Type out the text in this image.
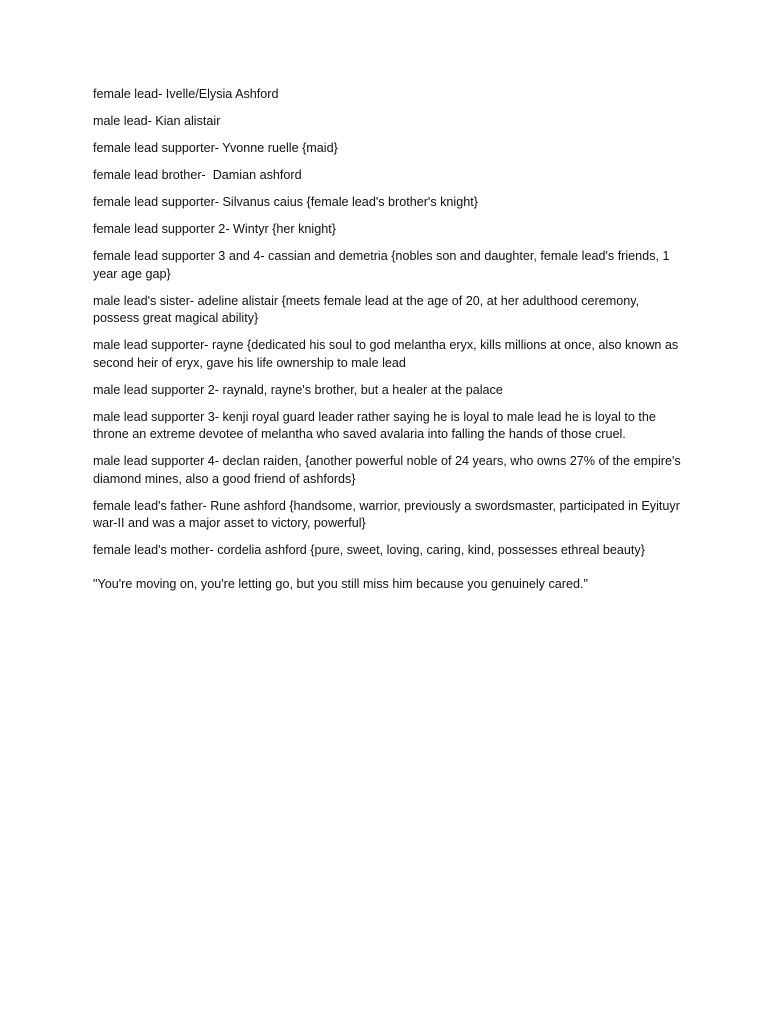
female lead- Ivelle/Elysia Ashford

male lead- Kian alistair

female lead supporter- Yvonne ruelle {maid}

female lead brother-  Damian ashford

female lead supporter- Silvanus caius {female lead's brother's knight}

female lead supporter 2- Wintyr {her knight}

female lead supporter 3 and 4- cassian and demetria {nobles son and daughter, female lead's friends, 1 year age gap}

male lead's sister- adeline alistair {meets female lead at the age of 20, at her adulthood ceremony, possess great magical ability}

male lead supporter- rayne {dedicated his soul to god melantha eryx, kills millions at once, also known as second heir of eryx, gave his life ownership to male lead

male lead supporter 2- raynald, rayne's brother, but a healer at the palace

male lead supporter 3- kenji royal guard leader rather saying he is loyal to male lead he is loyal to the throne an extreme devotee of melantha who saved avalaria into falling the hands of those cruel.

male lead supporter 4- declan raiden, {another powerful noble of 24 years, who owns 27% of the empire's diamond mines, also a good friend of ashfords}

female lead's father- Rune ashford {handsome, warrior, previously a swordsmaster, participated in Eyituyr war-II and was a major asset to victory, powerful}

female lead's mother- cordelia ashford {pure, sweet, loving, caring, kind, possesses ethreal beauty}

"You're moving on, you're letting go, but you still miss him because you genuinely cared."
